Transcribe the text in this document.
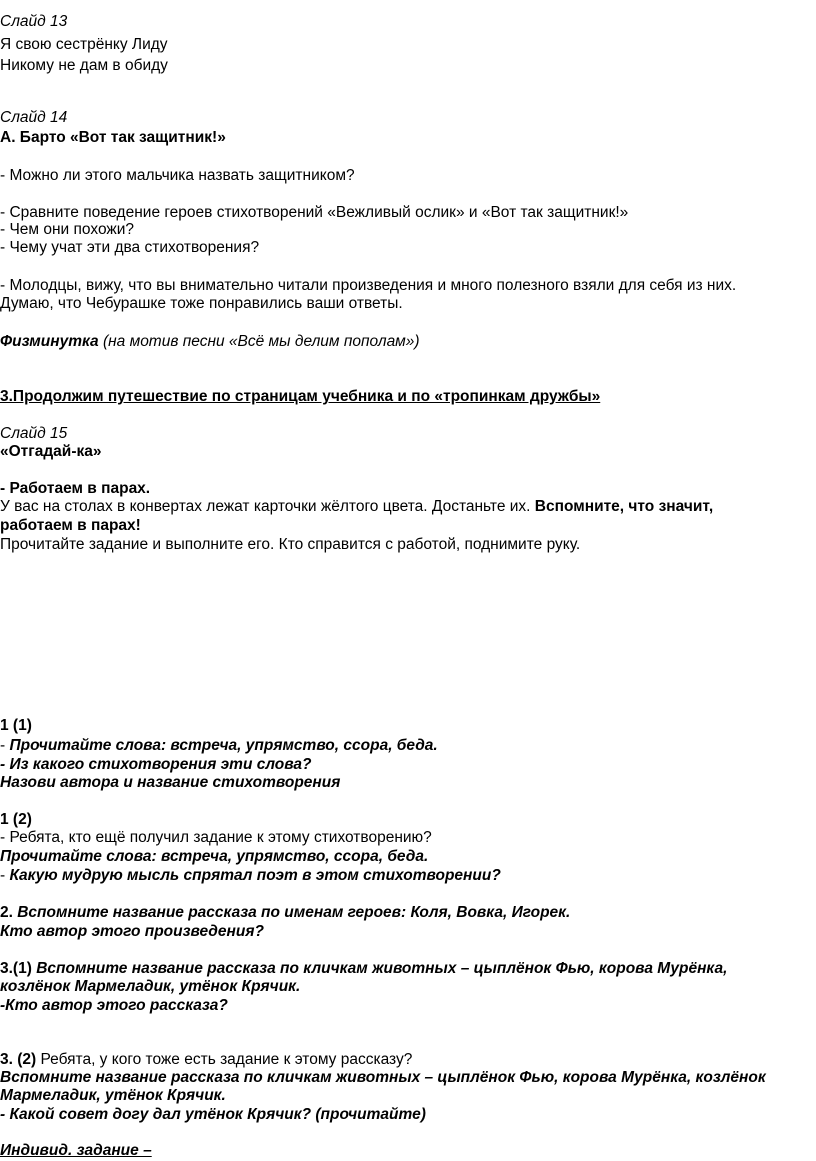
Слайд 13
Я свою сестрёнку Лиду
Никому не дам в обиду
Слайд 14
А. Барто «Вот так защитник!»
- Можно ли этого мальчика назвать защитником?
- Сравните поведение героев стихотворений «Вежливый ослик» и «Вот так защитник!»
- Чем они похожи?
- Чему учат эти два стихотворения?
- Молодцы, вижу, что вы внимательно читали произведения и много полезного взяли для себя из них.
Думаю, что Чебурашке тоже понравились ваши ответы.
Физминутка (на мотив песни «Всё мы делим пополам»)
3.Продолжим путешествие по страницам учебника и по «тропинкам дружбы»
Слайд 15
«Отгадай-ка»
- Работаем в парах.
У вас на столах в конвертах лежат карточки жёлтого цвета. Достаньте их. Вспомните, что значит,
работаем в парах!
Прочитайте задание и выполните его. Кто справится с работой, поднимите руку.
1 (1)
- Прочитайте слова: встреча, упрямство, ссора, беда.
- Из какого стихотворения эти слова?
Назови автора и название стихотворения
1 (2)
- Ребята, кто ещё получил задание к этому стихотворению?
Прочитайте слова: встреча, упрямство, ссора, беда.
- Какую мудрую мысль спрятал поэт в этом стихотворении?
2. Вспомните название рассказа по именам героев: Коля, Вовка, Игорек.
Кто автор этого произведения?
3.(1) Вспомните название рассказа по кличкам животных – цыплёнок Фью, корова Мурёнка,
козлёнок Мармеладик, утёнок Крячик.
-Кто автор этого рассказа?
3. (2) Ребята, у кого тоже есть задание к этому рассказу?
Вспомните название рассказа по кличкам животных – цыплёнок Фью, корова Мурёнка, козлёнок
Мармеладик, утёнок Крячик.
- Какой совет догу дал утёнок Крячик? (прочитайте)
Индивид. задание –
